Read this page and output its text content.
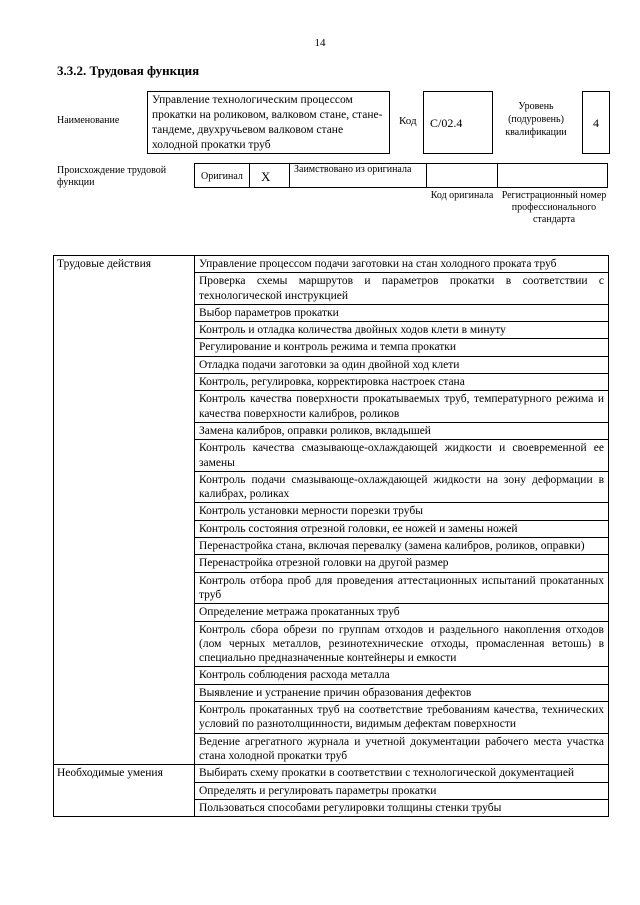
14
3.3.2. Трудовая функция
Наименование
Управление технологическим процессом прокатки на роликовом, валковом стане, стане-тандеме, двухручьевом валковом стане холодной прокатки труб
Код С/02.4
Уровень (подуровень) квалификации
4
Происхождение трудовой функции
Оригинал X Заимствовано из оригинала
Код оригинала Регистрационный номер профессионального стандарта
Трудовые действия	Управление процессом подачи заготовки на стан холодного проката труб
	Проверка схемы маршрутов и параметров прокатки в соответствии с технологической инструкцией
	Выбор параметров прокатки
	Контроль и отладка количества двойных ходов клети в минуту
	Регулирование и контроль режима и темпа прокатки
	Отладка подачи заготовки за один двойной ход клети
	Контроль, регулировка, корректировка настроек стана
	Контроль качества поверхности прокатываемых труб, температурного режима и качества поверхности калибров, роликов
	Замена калибров, оправки роликов, вкладышей
	Контроль качества смазывающе-охлаждающей жидкости и своевременной ее замены
	Контроль подачи смазывающе-охлаждающей жидкости на зону деформации в калибрах, роликах
	Контроль установки мерности порезки трубы
	Контроль состояния отрезной головки, ее ножей и замены ножей
	Перенастройка стана, включая перевалку (замена калибров, роликов, оправки)
	Перенастройка отрезной головки на другой размер
	Контроль отбора проб для проведения аттестационных испытаний прокатанных труб
	Определение метража прокатанных труб
	Контроль сбора обрези по группам отходов и раздельного накопления отходов (лом черных металлов, резинотехнические отходы, промасленная ветошь) в специально предназначенные контейнеры и емкости
	Контроль соблюдения расхода металла
	Выявление и устранение причин образования дефектов
	Контроль прокатанных труб на соответствие требованиям качества, технических условий по разнотолщинности, видимым дефектам поверхности
	Ведение агрегатного журнала и учетной документации рабочего места участка стана холодной прокатки труб
Необходимые умения	Выбирать схему прокатки в соответствии с технологической документацией
	Определять и регулировать параметры прокатки
	Пользоваться способами регулировки толщины стенки трубы
